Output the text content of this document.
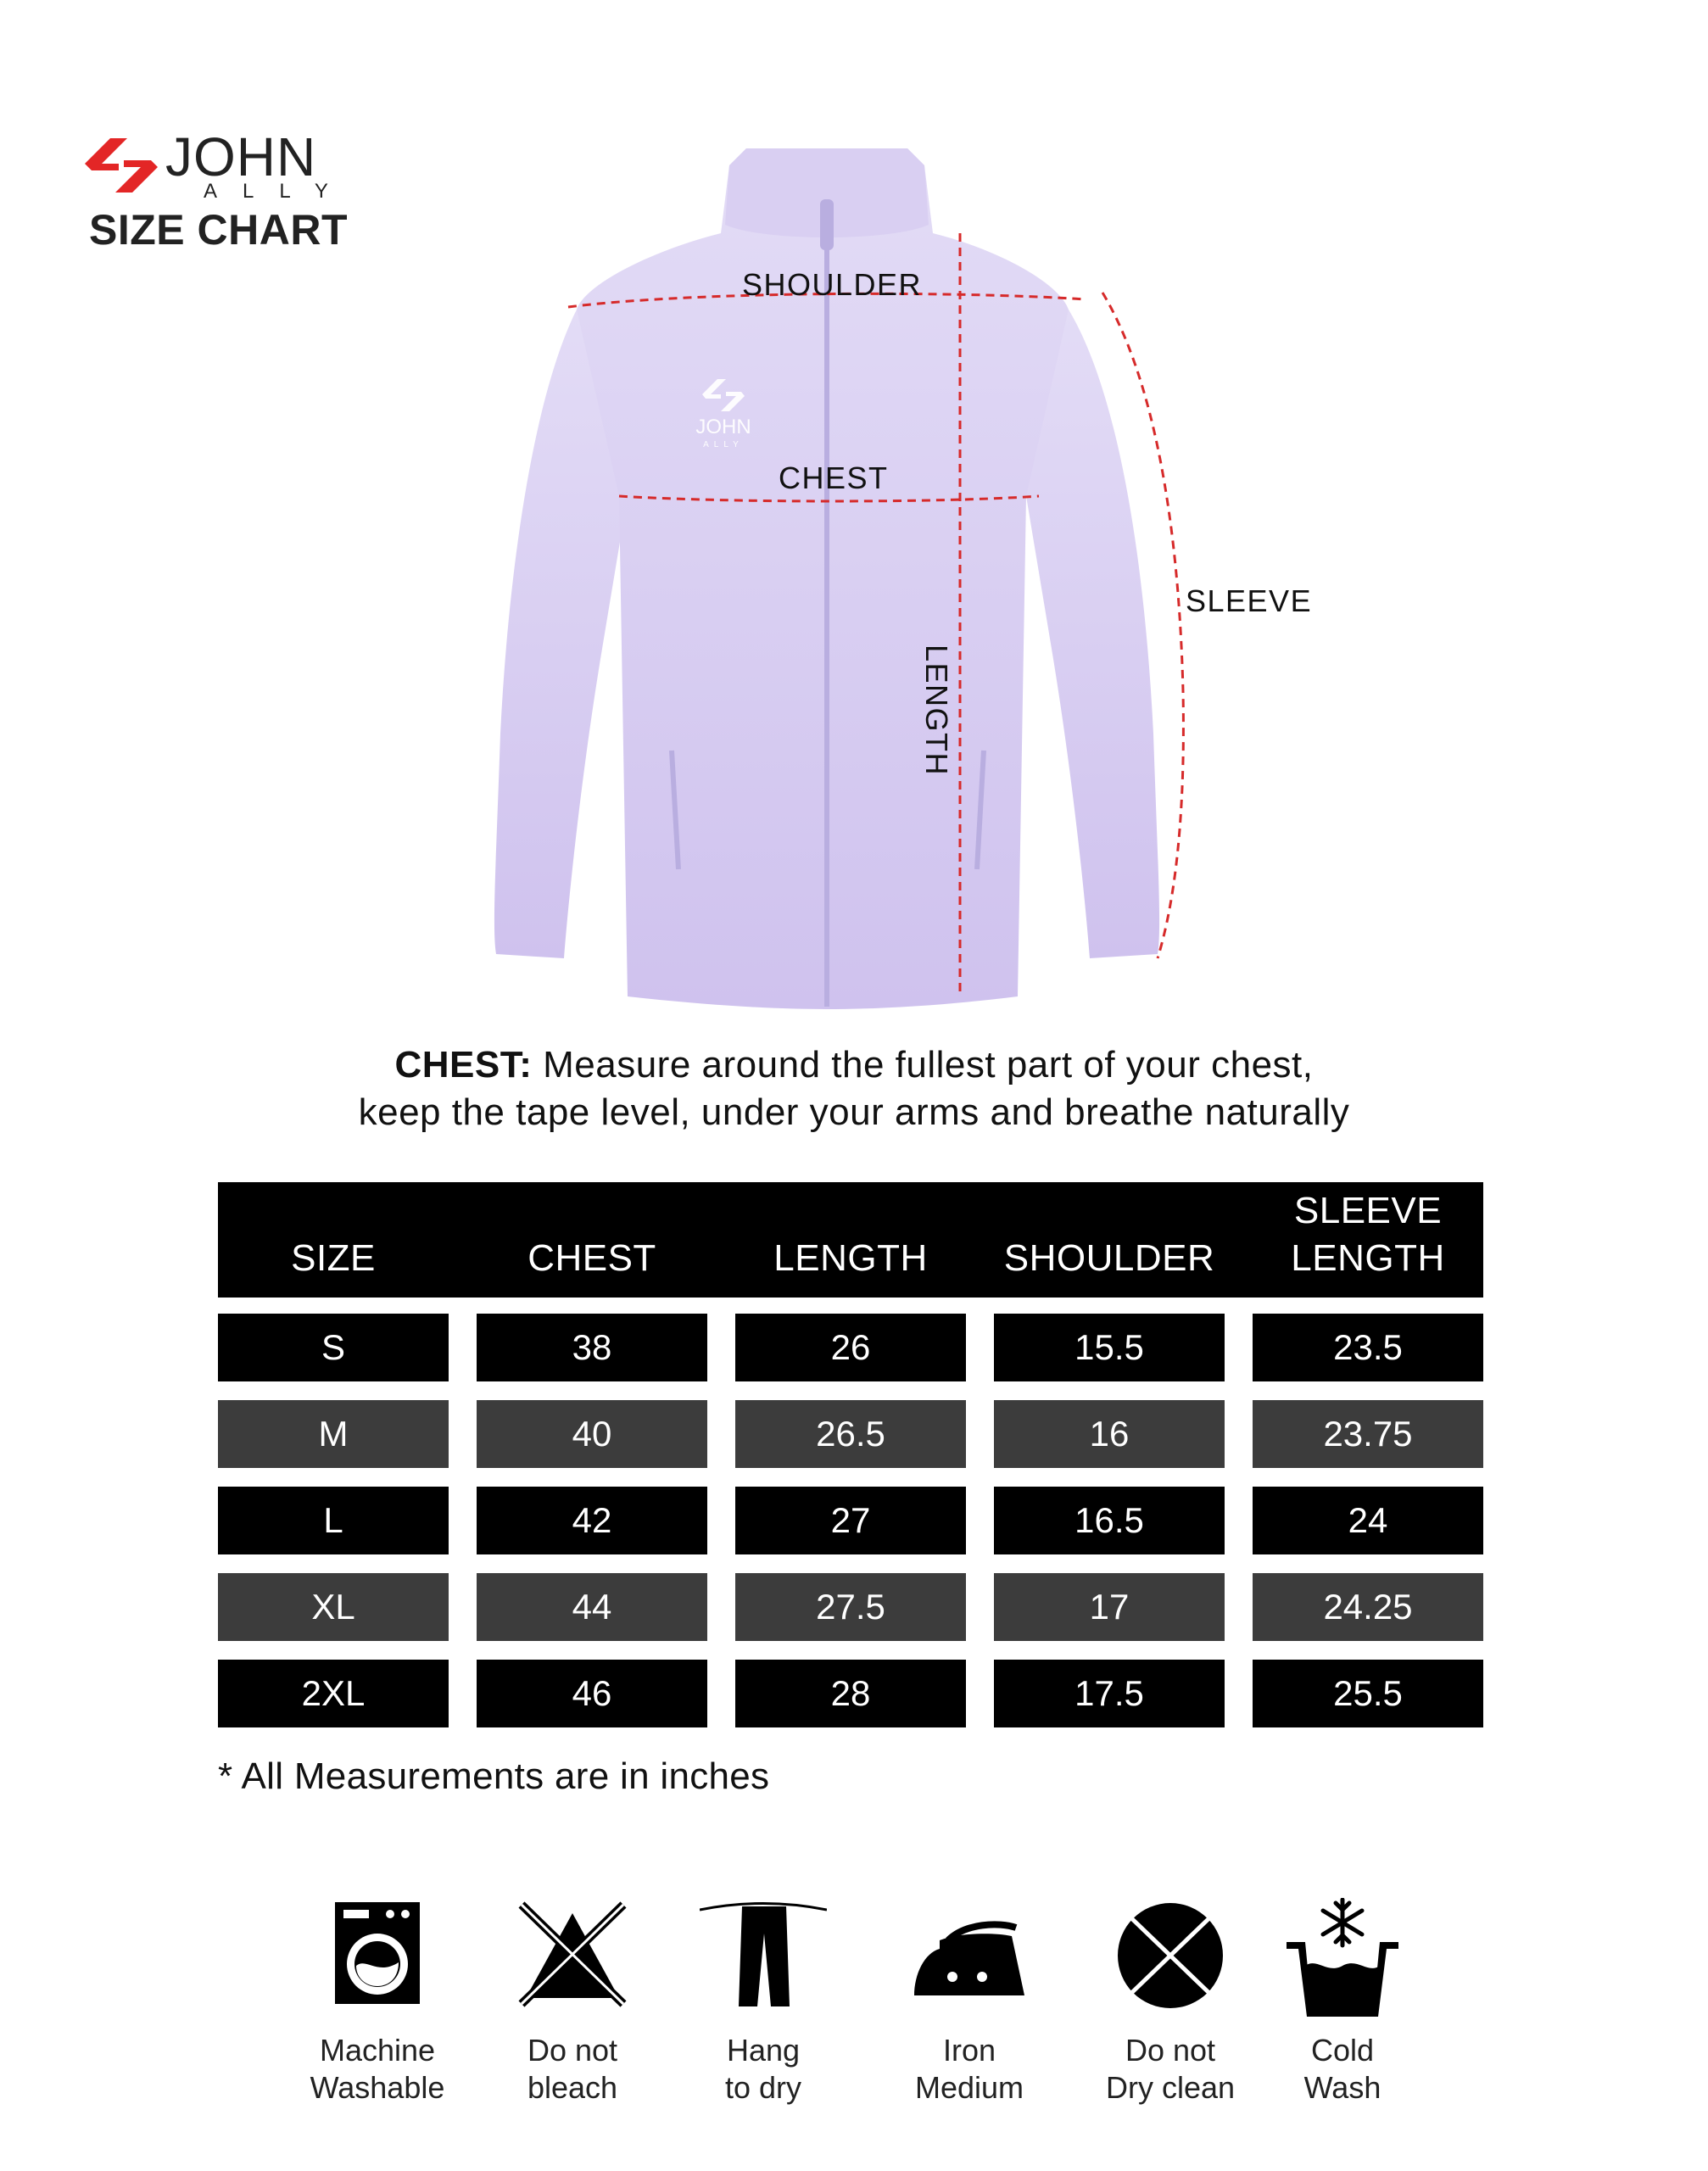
JOHN
ALLY
SIZE CHART
JOHN
ALLY
SHOULDER
CHEST
LENGTH
SLEEVE
CHEST: Measure around the fullest part of your chest,
keep the tape level, under your arms and breathe naturally
SIZE	CHEST	LENGTH	SHOULDER
SLEEVE
LENGTH
S	38	26	15.5	23.5
M	40	26.5	16	23.75
L	42	27	16.5	24
XL	44	27.5	17	24.25
2XL	46	28	17.5	25.5
* All Measurements are in inches
Machine
Washable
Do not
bleach
Hang
to dry
Iron
Medium
Do not
Dry clean
Cold
Wash
